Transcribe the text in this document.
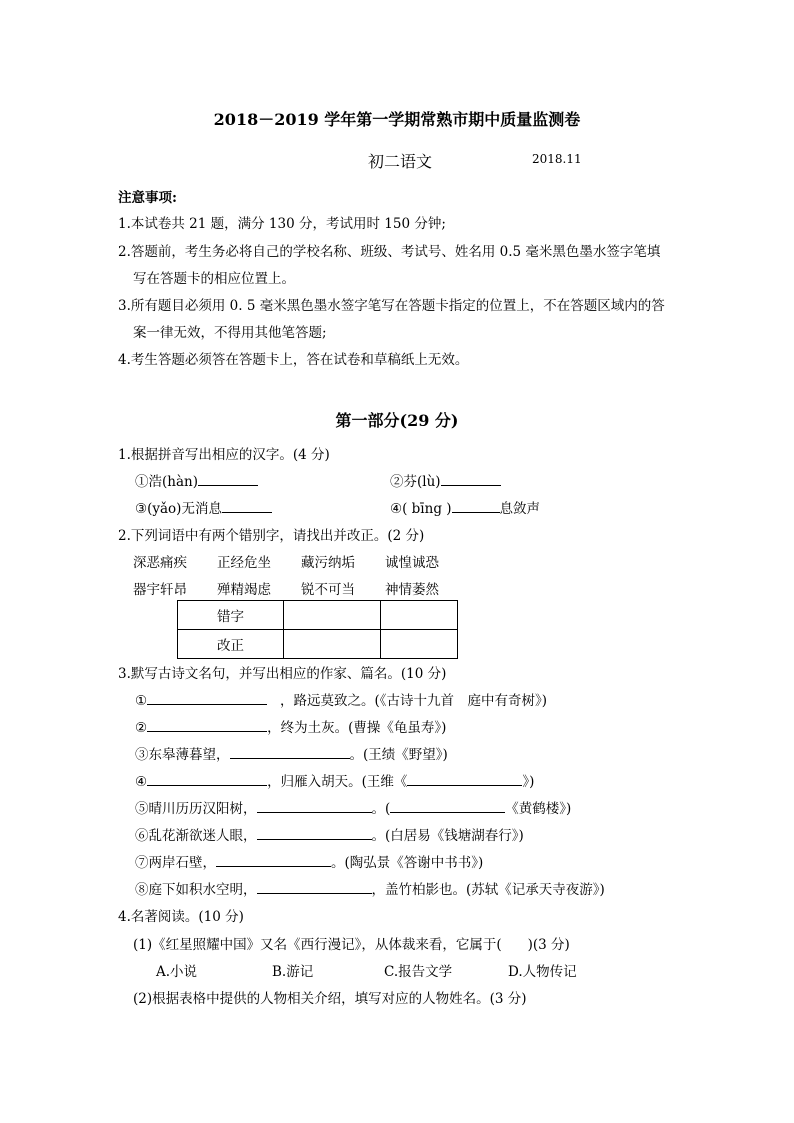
2018－2019 学年第一学期常熟市期中质量监测卷
初二语文	2018.11
注意事项:
1.本试卷共 21 题，满分 130 分，考试用时 150 分钟;
2.答题前，考生务必将自己的学校名称、班级、考试号、姓名用 0.5 毫米黑色墨水签字笔填
写在答题卡的相应位置上。
3.所有题目必须用 0. 5 毫米黑色墨水签字笔写在答题卡指定的位置上，不在答题区域内的答
案一律无效，不得用其他笔答题;
4.考生答题必须答在答题卡上，答在试卷和草稿纸上无效。
第一部分(29 分)
1.根据拼音写出相应的汉字。(4 分)
①浩(hàn)	②芬(lù)
③(yǎo)无消息	④( bīng )	息敛声
2.下列词语中有两个错别字，请找出并改正。(2 分)
深恶痛疾 正经危坐 藏污纳垢 诚惶诚恐
器宇轩昂 殚精竭虑 锐不可当 神情萎然
错字		
改正		
3.默写古诗文名句，并写出相应的作家、篇名。(10 分)
①	，路远莫致之。(《古诗十九首　庭中有奇树》)
②	，终为土灰。(曹操《龟虽寿》)
③东皋薄暮望，	。(王绩《野望》)
④	，归雁入胡天。(王维《	》)
⑤晴川历历汉阳树，	。(	《黄鹤楼》)
⑥乱花渐欲迷人眼，	。(白居易《钱塘湖春行》)
⑦两岸石壁，	。(陶弘景《答谢中书书》)
⑧庭下如积水空明，	，盖竹柏影也。(苏轼《记承天寺夜游》)
4.名著阅读。(10 分)
(1)《红星照耀中国》又名《西行漫记》，从体裁来看，它属于( )(3 分)
A.小说	B.游记	C.报告文学	D.人物传记
(2)根据表格中提供的人物相关介绍，填写对应的人物姓名。(3 分)
